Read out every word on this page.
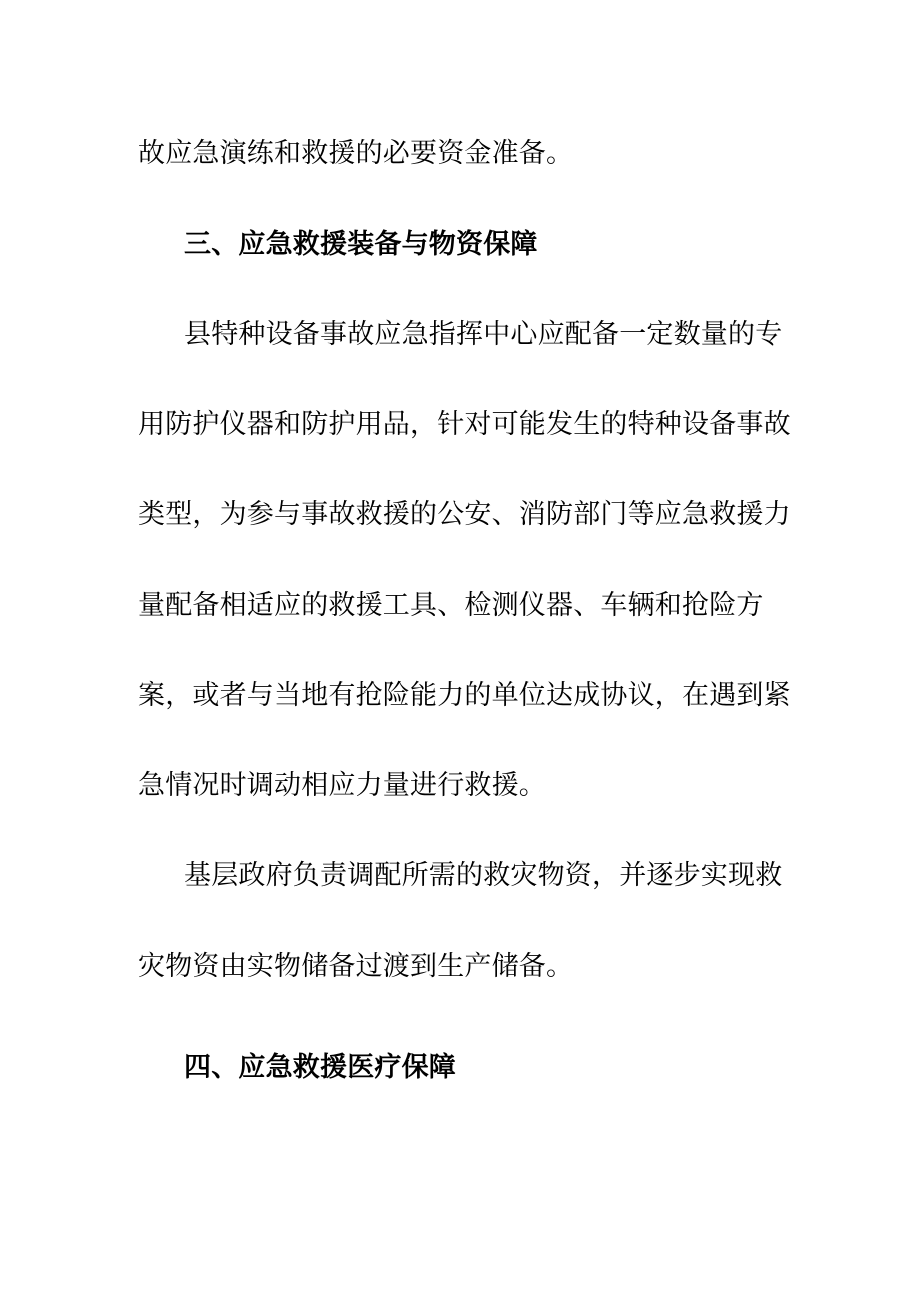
故应急演练和救援的必要资金准备。
三、应急救援装备与物资保障
县特种设备事故应急指挥中心应配备一定数量的专
用防护仪器和防护用品，针对可能发生的特种设备事故
类型，为参与事故救援的公安、消防部门等应急救援力
量配备相适应的救援工具、检测仪器、车辆和抢险方
案，或者与当地有抢险能力的单位达成协议，在遇到紧
急情况时调动相应力量进行救援。
基层政府负责调配所需的救灾物资，并逐步实现救
灾物资由实物储备过渡到生产储备。
四、应急救援医疗保障
